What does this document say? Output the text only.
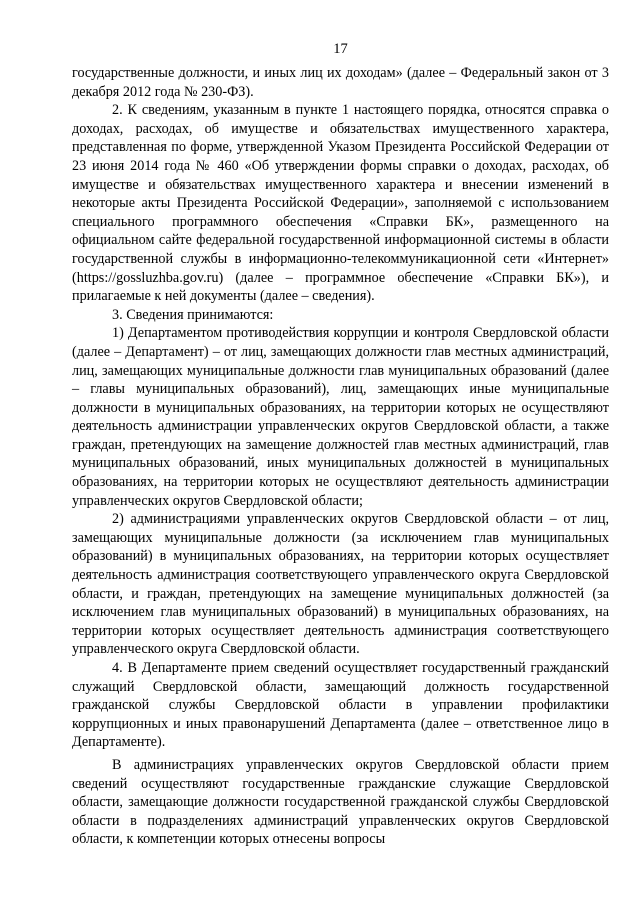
17

государственные должности, и иных лиц их доходам» (далее – Федеральный закон от 3 декабря 2012 года № 230-ФЗ).

2. К сведениям, указанным в пункте 1 настоящего порядка, относятся справка о доходах, расходах, об имуществе и обязательствах имущественного характера, представленная по форме, утвержденной Указом Президента Российской Федерации от 23 июня 2014 года № 460 «Об утверждении формы справки о доходах, расходах, об имуществе и обязательствах имущественного характера и внесении изменений в некоторые акты Президента Российской Федерации», заполняемой с использованием специального программного обеспечения «Справки БК», размещенного на официальном сайте федеральной государственной информационной системы в области государственной службы в информационно-телекоммуникационной сети «Интернет» (https://gossluzhba.gov.ru) (далее – программное обеспечение «Справки БК»), и прилагаемые к ней документы (далее – сведения).

3. Сведения принимаются:

1) Департаментом противодействия коррупции и контроля Свердловской области (далее – Департамент) – от лиц, замещающих должности глав местных администраций, лиц, замещающих муниципальные должности глав муниципальных образований (далее – главы муниципальных образований), лиц, замещающих иные муниципальные должности в муниципальных образованиях, на территории которых не осуществляют деятельность администрации управленческих округов Свердловской области, а также граждан, претендующих на замещение должностей глав местных администраций, глав муниципальных образований, иных муниципальных должностей в муниципальных образованиях, на территории которых не осуществляют деятельность администрации управленческих округов Свердловской области;

2) администрациями управленческих округов Свердловской области – от лиц, замещающих муниципальные должности (за исключением глав муниципальных образований) в муниципальных образованиях, на территории которых осуществляет деятельность администрация соответствующего управленческого округа Свердловской области, и граждан, претендующих на замещение муниципальных должностей (за исключением глав муниципальных образований) в муниципальных образованиях, на территории которых осуществляет деятельность администрация соответствующего управленческого округа Свердловской области.

4. В Департаменте прием сведений осуществляет государственный гражданский служащий Свердловской области, замещающий должность государственной гражданской службы Свердловской области в управлении профилактики коррупционных и иных правонарушений Департамента (далее – ответственное лицо в Департаменте).

В администрациях управленческих округов Свердловской области прием сведений осуществляют государственные гражданские служащие Свердловской области, замещающие должности государственной гражданской службы Свердловской области в подразделениях администраций управленческих округов Свердловской области, к компетенции которых отнесены вопросы
